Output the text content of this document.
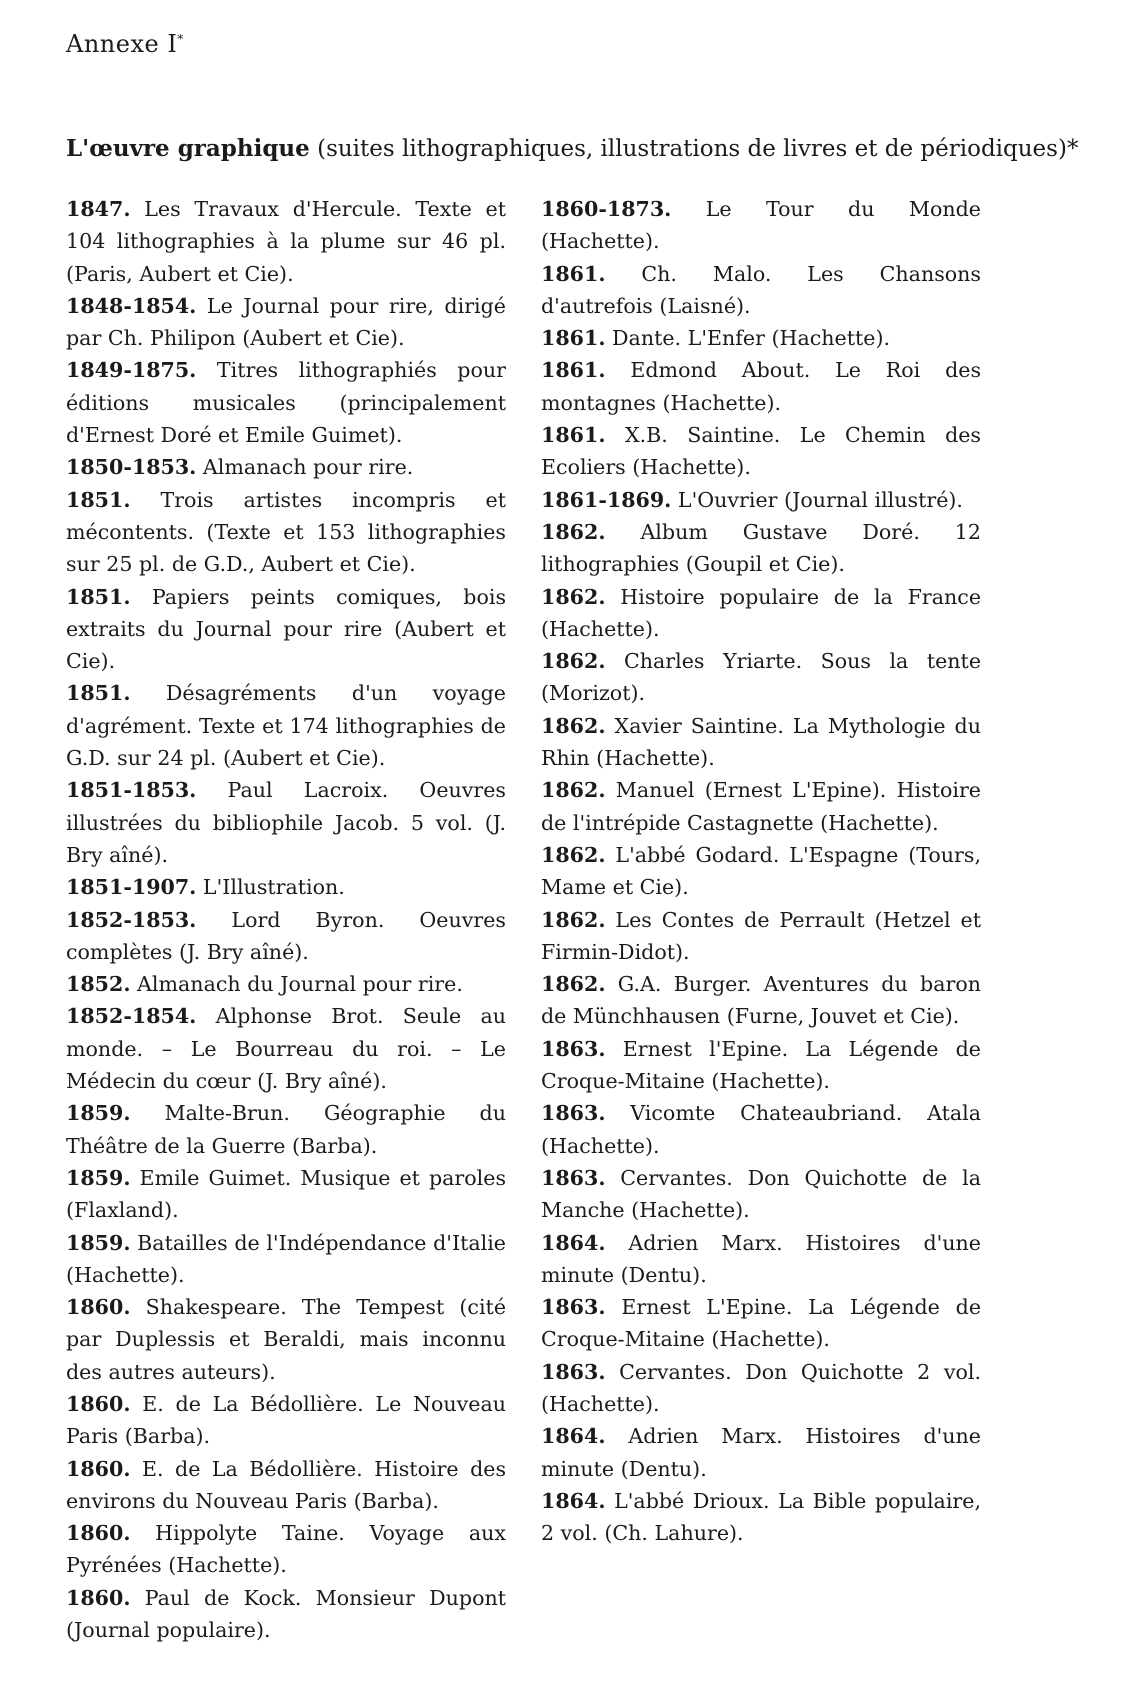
Annexe I*
L'œuvre graphique (suites lithographiques, illustrations de livres et de périodiques)*
1847. Les Travaux d'Hercule. Texte et 104 lithographies à la plume sur 46 pl. (Paris, Aubert et Cie).
1848-1854. Le Journal pour rire, dirigé par Ch. Philipon (Aubert et Cie).
1849-1875. Titres lithographiés pour éditions musicales (principalement d'Ernest Doré et Emile Guimet).
1850-1853. Almanach pour rire.
1851. Trois artistes incompris et mécontents. (Texte et 153 lithographies sur 25 pl. de G.D., Aubert et Cie).
1851. Papiers peints comiques, bois extraits du Journal pour rire (Aubert et Cie).
1851. Désagréments d'un voyage d'agrément. Texte et 174 lithographies de G.D. sur 24 pl. (Aubert et Cie).
1851-1853. Paul Lacroix. Oeuvres illustrées du bibliophile Jacob. 5 vol. (J. Bry aîné).
1851-1907. L'Illustration.
1852-1853. Lord Byron. Oeuvres complètes (J. Bry aîné).
1852. Almanach du Journal pour rire.
1852-1854. Alphonse Brot. Seule au monde. – Le Bourreau du roi. – Le Médecin du cœur (J. Bry aîné).
1859. Malte-Brun. Géographie du Théâtre de la Guerre (Barba).
1859. Emile Guimet. Musique et paroles (Flaxland).
1859. Batailles de l'Indépendance d'Italie (Hachette).
1860. Shakespeare. The Tempest (cité par Duplessis et Beraldi, mais inconnu des autres auteurs).
1860. E. de La Bédollière. Le Nouveau Paris (Barba).
1860. E. de La Bédollière. Histoire des environs du Nouveau Paris (Barba).
1860. Hippolyte Taine. Voyage aux Pyrénées (Hachette).
1860. Paul de Kock. Monsieur Dupont (Journal populaire).
1860-1873. Le Tour du Monde (Hachette).
1861. Ch. Malo. Les Chansons d'autrefois (Laisné).
1861. Dante. L'Enfer (Hachette).
1861. Edmond About. Le Roi des montagnes (Hachette).
1861. X.B. Saintine. Le Chemin des Ecoliers (Hachette).
1861-1869. L'Ouvrier (Journal illustré).
1862. Album Gustave Doré. 12 lithographies (Goupil et Cie).
1862. Histoire populaire de la France (Hachette).
1862. Charles Yriarte. Sous la tente (Morizot).
1862. Xavier Saintine. La Mythologie du Rhin (Hachette).
1862. Manuel (Ernest L'Epine). Histoire de l'intrépide Castagnette (Hachette).
1862. L'abbé Godard. L'Espagne (Tours, Mame et Cie).
1862. Les Contes de Perrault (Hetzel et Firmin-Didot).
1862. G.A. Burger. Aventures du baron de Münchhausen (Furne, Jouvet et Cie).
1863. Ernest l'Epine. La Légende de Croque-Mitaine (Hachette).
1863. Vicomte Chateaubriand. Atala (Hachette).
1863. Cervantes. Don Quichotte de la Manche (Hachette).
1864. Adrien Marx. Histoires d'une minute (Dentu).
1863. Ernest L'Epine. La Légende de Croque-Mitaine (Hachette).
1863. Cervantes. Don Quichotte 2 vol. (Hachette).
1864. Adrien Marx. Histoires d'une minute (Dentu).
1864. L'abbé Drioux. La Bible populaire, 2 vol. (Ch. Lahure).
